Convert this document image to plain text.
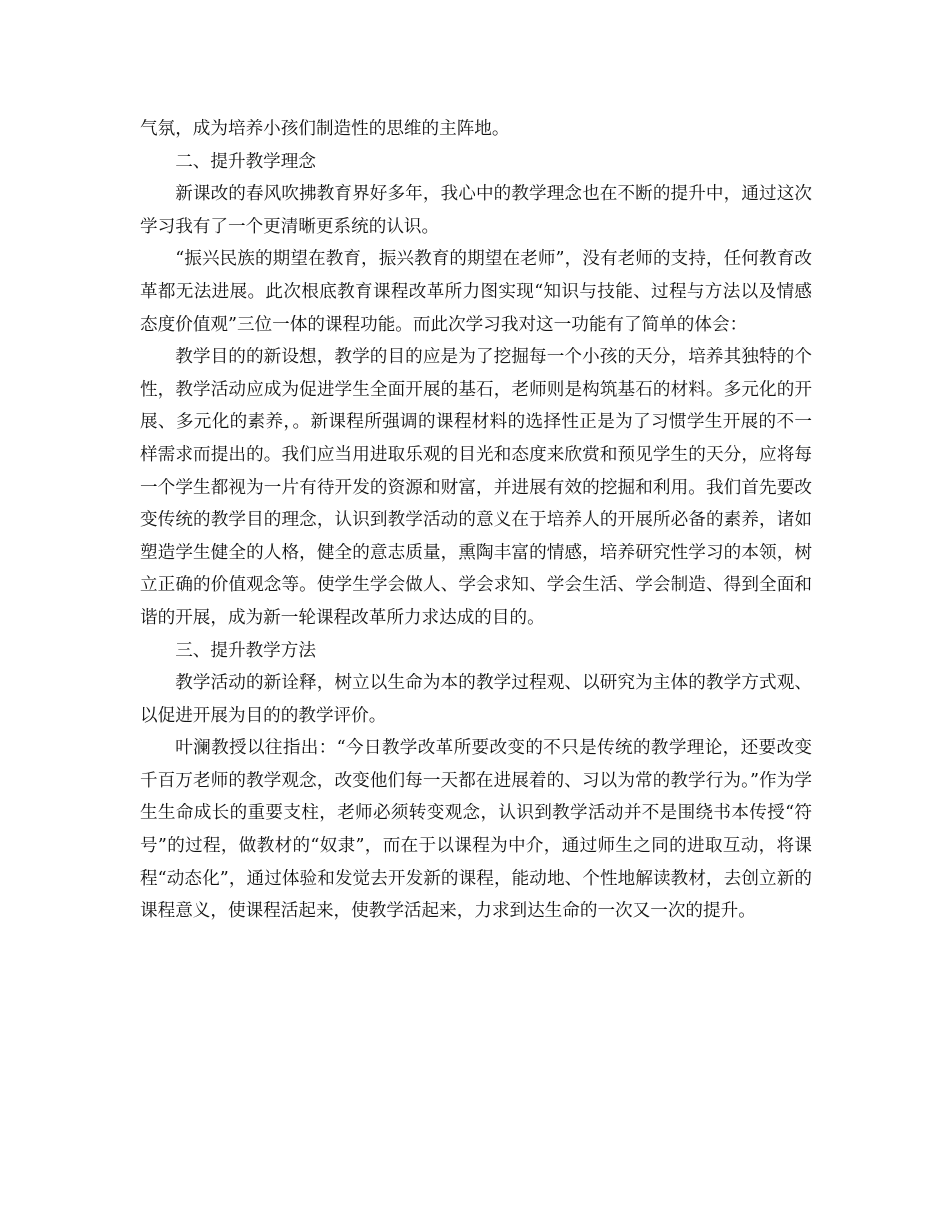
气氛，成为培养小孩们制造性的思维的主阵地。

二、提升教学理念

新课改的春风吹拂教育界好多年，我心中的教学理念也在不断的提升中，通过这次学习我有了一个更清晰更系统的认识。

“振兴民族的期望在教育，振兴教育的期望在老师”，没有老师的支持，任何教育改革都无法进展。此次根底教育课程改革所力图实现“知识与技能、过程与方法以及情感态度价值观”三位一体的课程功能。而此次学习我对这一功能有了简单的体会：

教学目的的新设想，教学的目的应是为了挖掘每一个小孩的天分，培养其独特的个性，教学活动应成为促进学生全面开展的基石，老师则是构筑基石的材料。多元化的开展、多元化的素养，。新课程所强调的课程材料的选择性正是为了习惯学生开展的不一样需求而提出的。我们应当用进取乐观的目光和态度来欣赏和预见学生的天分，应将每一个学生都视为一片有待开发的资源和财富，并进展有效的挖掘和利用。我们首先要改变传统的教学目的理念，认识到教学活动的意义在于培养人的开展所必备的素养，诸如塑造学生健全的人格，健全的意志质量，熏陶丰富的情感，培养研究性学习的本领，树立正确的价值观念等。使学生学会做人、学会求知、学会生活、学会制造、得到全面和谐的开展，成为新一轮课程改革所力求达成的目的。

三、提升教学方法

教学活动的新诠释，树立以生命为本的教学过程观、以研究为主体的教学方式观、以促进开展为目的的教学评价。

叶澜教授以往指出：“今日教学改革所要改变的不只是传统的教学理论，还要改变千百万老师的教学观念，改变他们每一天都在进展着的、习以为常的教学行为。”作为学生生命成长的重要支柱，老师必须转变观念，认识到教学活动并不是围绕书本传授“符号”的过程，做教材的“奴隶”，而在于以课程为中介，通过师生之同的进取互动，将课程“动态化”，通过体验和发觉去开发新的课程，能动地、个性地解读教材，去创立新的课程意义，使课程活起来，使教学活起来，力求到达生命的一次又一次的提升。
